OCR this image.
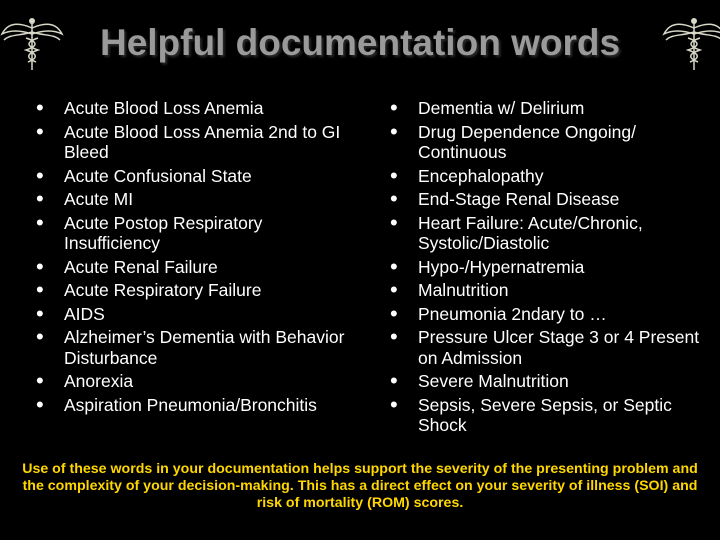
Helpful documentation words
• Acute Blood Loss Anemia
• Acute Blood Loss Anemia 2nd to GI Bleed
• Acute Confusional State
• Acute MI
• Acute Postop Respiratory Insufficiency
• Acute Renal Failure
• Acute Respiratory Failure
• AIDS
• Alzheimer’s Dementia with Behavior Disturbance
• Anorexia
• Aspiration Pneumonia/Bronchitis
• Dementia w/ Delirium
• Drug Dependence Ongoing/ Continuous
• Encephalopathy
• End-Stage Renal Disease
• Heart Failure: Acute/Chronic, Systolic/Diastolic
• Hypo-/Hypernatremia
• Malnutrition
• Pneumonia 2ndary to …
• Pressure Ulcer Stage 3 or 4 Present on Admission
• Severe Malnutrition
• Sepsis, Severe Sepsis, or Septic Shock
Use of these words in your documentation helps support the severity of the presenting problem and the complexity of your decision-making. This has a direct effect on your severity of illness (SOI) and risk of mortality (ROM) scores.
